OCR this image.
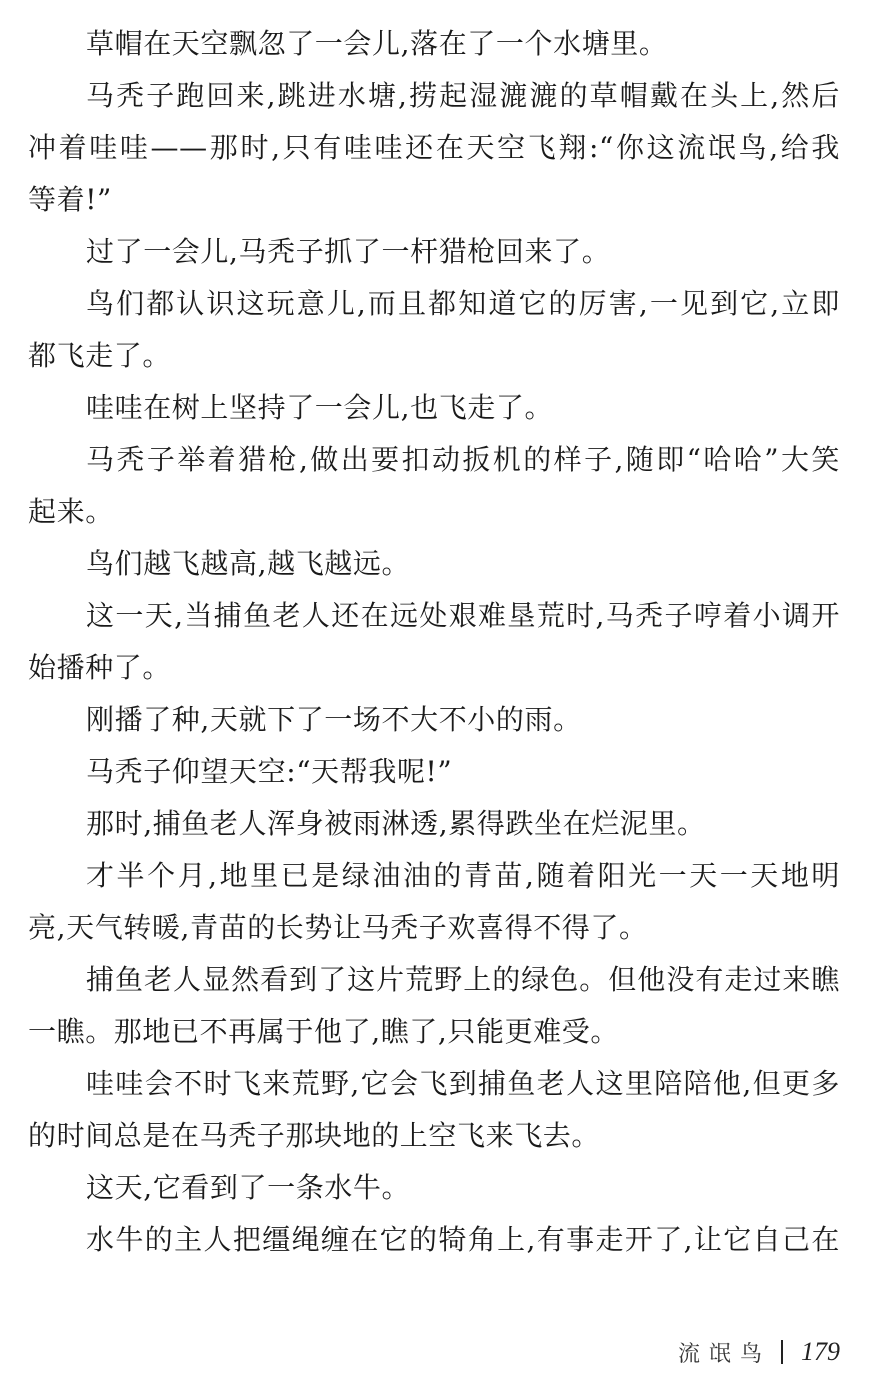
草帽在天空飘忽了一会儿,落在了一个水塘里。
马秃子跑回来,跳进水塘,捞起湿漉漉的草帽戴在头上,然后
冲着哇哇——那时,只有哇哇还在天空飞翔:“你这流氓鸟,给我
等着!”
过了一会儿,马秃子抓了一杆猎枪回来了。
鸟们都认识这玩意儿,而且都知道它的厉害,一见到它,立即
都飞走了。
哇哇在树上坚持了一会儿,也飞走了。
马秃子举着猎枪,做出要扣动扳机的样子,随即“哈哈”大笑
起来。
鸟们越飞越高,越飞越远。
这一天,当捕鱼老人还在远处艰难垦荒时,马秃子哼着小调开
始播种了。
刚播了种,天就下了一场不大不小的雨。
马秃子仰望天空:“天帮我呢!”
那时,捕鱼老人浑身被雨淋透,累得跌坐在烂泥里。
才半个月,地里已是绿油油的青苗,随着阳光一天一天地明
亮,天气转暖,青苗的长势让马秃子欢喜得不得了。
捕鱼老人显然看到了这片荒野上的绿色。但他没有走过来瞧
一瞧。那地已不再属于他了,瞧了,只能更难受。
哇哇会不时飞来荒野,它会飞到捕鱼老人这里陪陪他,但更多
的时间总是在马秃子那块地的上空飞来飞去。
这天,它看到了一条水牛。
水牛的主人把缰绳缠在它的犄角上,有事走开了,让它自己在
流氓鸟 179
